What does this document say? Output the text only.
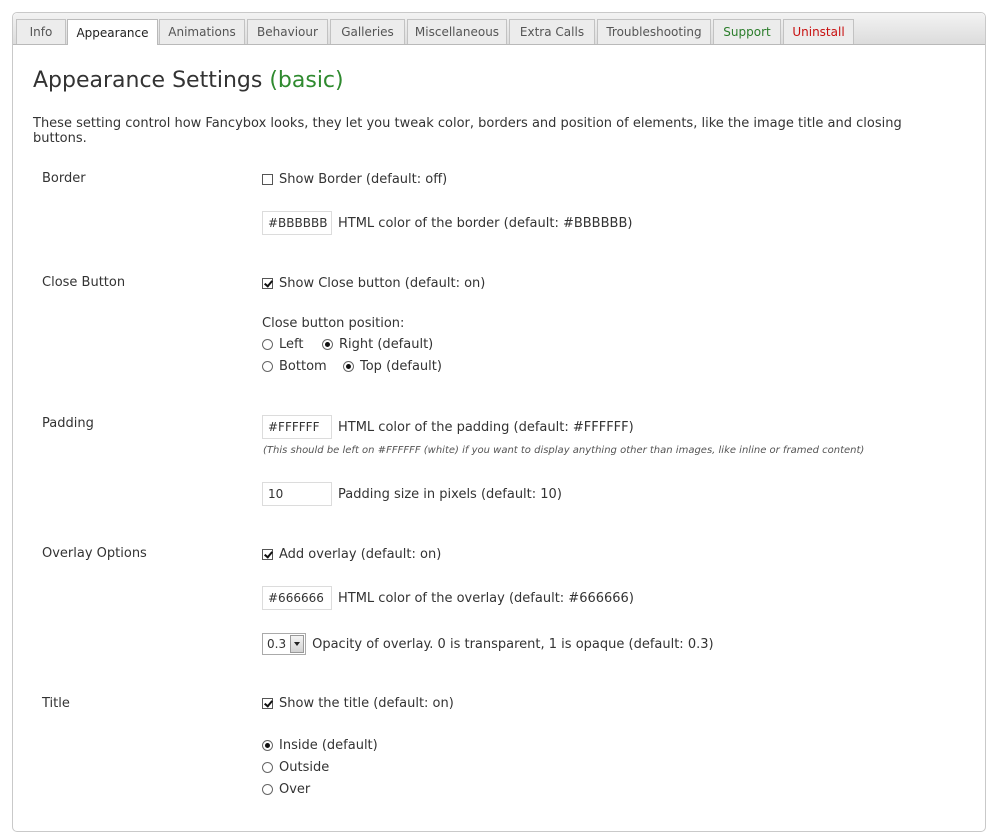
Info	Appearance	Animations	Behaviour	Galleries	Miscellaneous	Extra Calls	Troubleshooting	Support	Uninstall
Appearance Settings (basic)

These setting control how Fancybox looks, they let you tweak color, borders and position of elements, like the image title and closing buttons.

Border	Show Border (default: off)
#BBBBBB HTML color of the border (default: #BBBBBB)
Close Button	Show Close button (default: on)
Close button position:
Left	Right (default)
Bottom	Top (default)
Padding	#FFFFFF	HTML color of the padding (default: #FFFFFF)
(This should be left on #FFFFFF (white) if you want to display anything other than images, like inline or framed content)
10	Padding size in pixels (default: 10)
Overlay Options	Add overlay (default: on)
#666666	HTML color of the overlay (default: #666666)
0.3	Opacity of overlay. 0 is transparent, 1 is opaque (default: 0.3)
Title	Show the title (default: on)
Inside (default)
Outside
Over
